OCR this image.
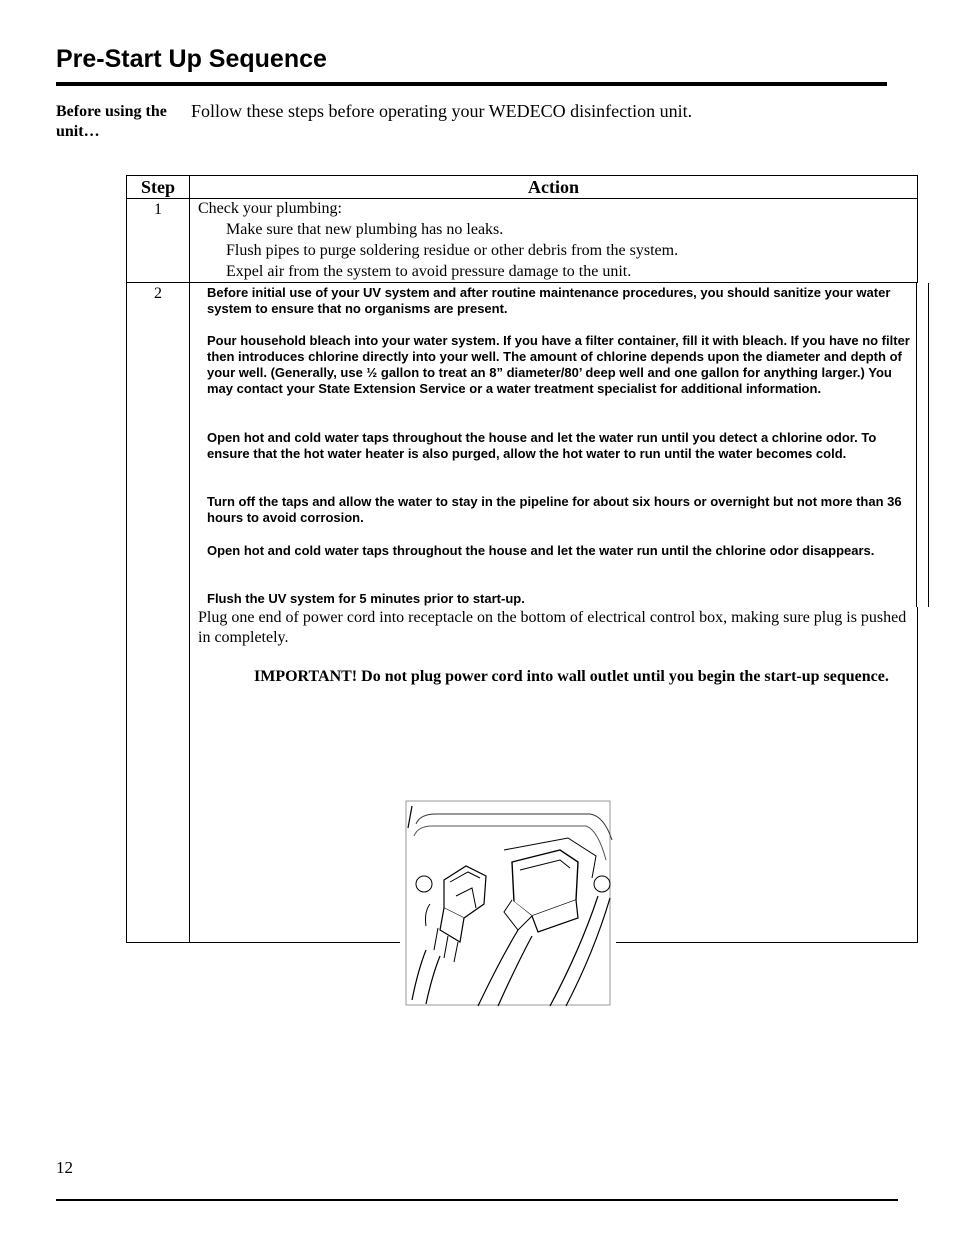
Pre-Start Up Sequence
Before using the unit…
Follow these steps before operating your WEDECO disinfection unit.
Step	Action
1	Check your plumbing:
Make sure that new plumbing has no leaks.
Flush pipes to purge soldering residue or other debris from the system.
Expel air from the system to avoid pressure damage to the unit.
2	Before initial use of your UV system and after routine maintenance procedures, you should sanitize your water system to ensure that no organisms are present.

Pour household bleach into your water system. If you have a filter container, fill it with bleach. If you have no filter then introduces chlorine directly into your well. The amount of chlorine depends upon the diameter and depth of your well. (Generally, use ½ gallon to treat an 8” diameter/80’ deep well and one gallon for anything larger.) You may contact your State Extension Service or a water treatment specialist for additional information.

Open hot and cold water taps throughout the house and let the water run until you detect a chlorine odor. To ensure that the hot water heater is also purged, allow the hot water to run until the water becomes cold.

Turn off the taps and allow the water to stay in the pipeline for about six hours or overnight but not more than 36 hours to avoid corrosion.

Open hot and cold water taps throughout the house and let the water run until the chlorine odor disappears.

Flush the UV system for 5 minutes prior to start-up.

Plug one end of power cord into receptacle on the bottom of electrical control box, making sure plug is pushed in completely.
IMPORTANT! Do not plug power cord into wall outlet until you begin the start-up sequence.
12
